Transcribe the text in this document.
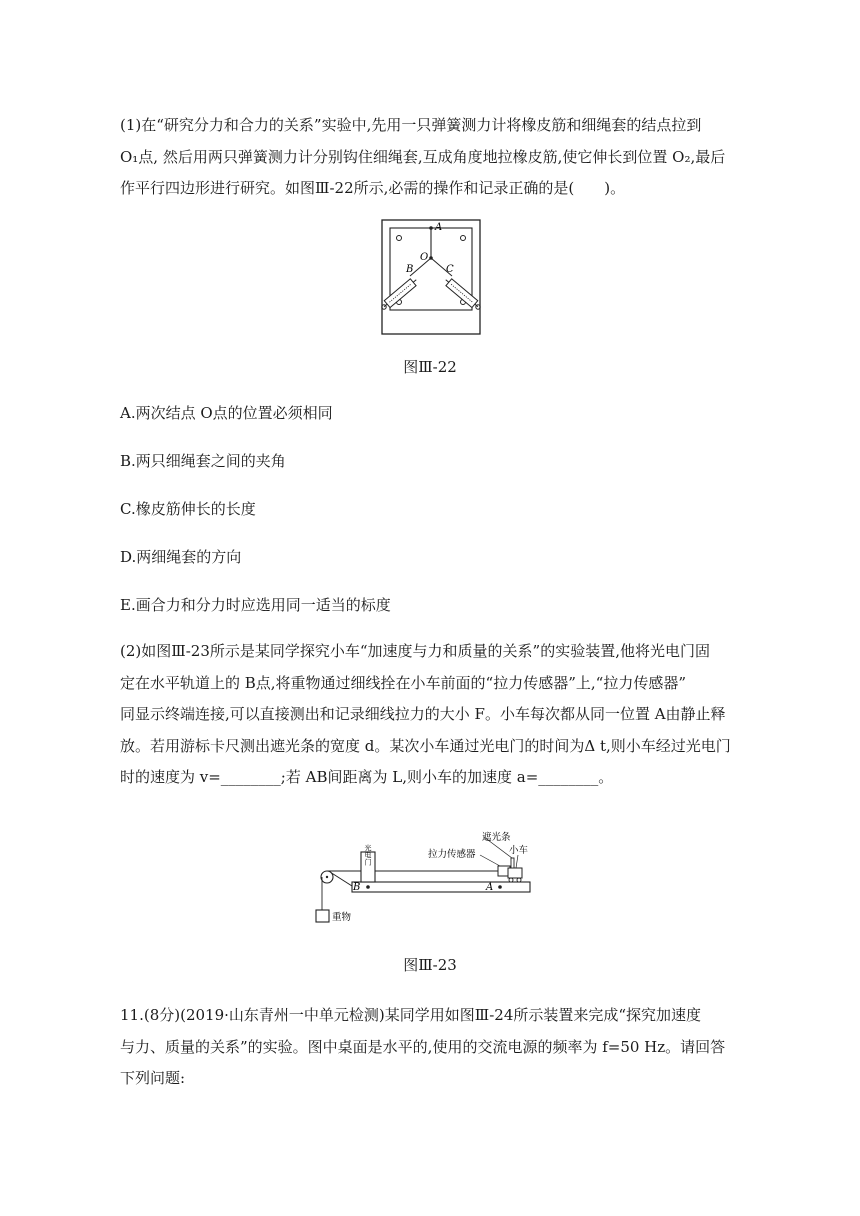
(1)在“研究分力和合力的关系”实验中,先用一只弹簧测力计将橡皮筋和细绳套的结点拉到
O₁点, 然后用两只弹簧测力计分别钩住细绳套,互成角度地拉橡皮筋,使它伸长到位置 O₂,最后
作平行四边形进行研究。如图Ⅲ-22所示,必需的操作和记录正确的是(　　)。
A
O
B	C
图Ⅲ-22
A.两次结点 O点的位置必须相同
B.两只细绳套之间的夹角
C.橡皮筋伸长的长度
D.两细绳套的方向
E.画合力和分力时应选用同一适当的标度
(2)如图Ⅲ-23所示是某同学探究小车“加速度与力和质量的关系”的实验装置,他将光电门固
定在水平轨道上的 B点,将重物通过细线拴在小车前面的“拉力传感器”上,“拉力传感器”
同显示终端连接,可以直接测出和记录细线拉力的大小 F。小车每次都从同一位置 A由静止释
放。若用游标卡尺测出遮光条的宽度 d。某次小车通过光电门的时间为Δ t,则小车经过光电门
时的速度为 v=________;若 AB间距离为 L,则小车的加速度 a=________。
光电门
遮光条
拉力传感器	小车
B	A
重物
图Ⅲ-23
11.(8分)(2019·山东青州一中单元检测)某同学用如图Ⅲ-24所示装置来完成“探究加速度
与力、质量的关系”的实验。图中桌面是水平的,使用的交流电源的频率为 f=50 Hz。请回答
下列问题:
